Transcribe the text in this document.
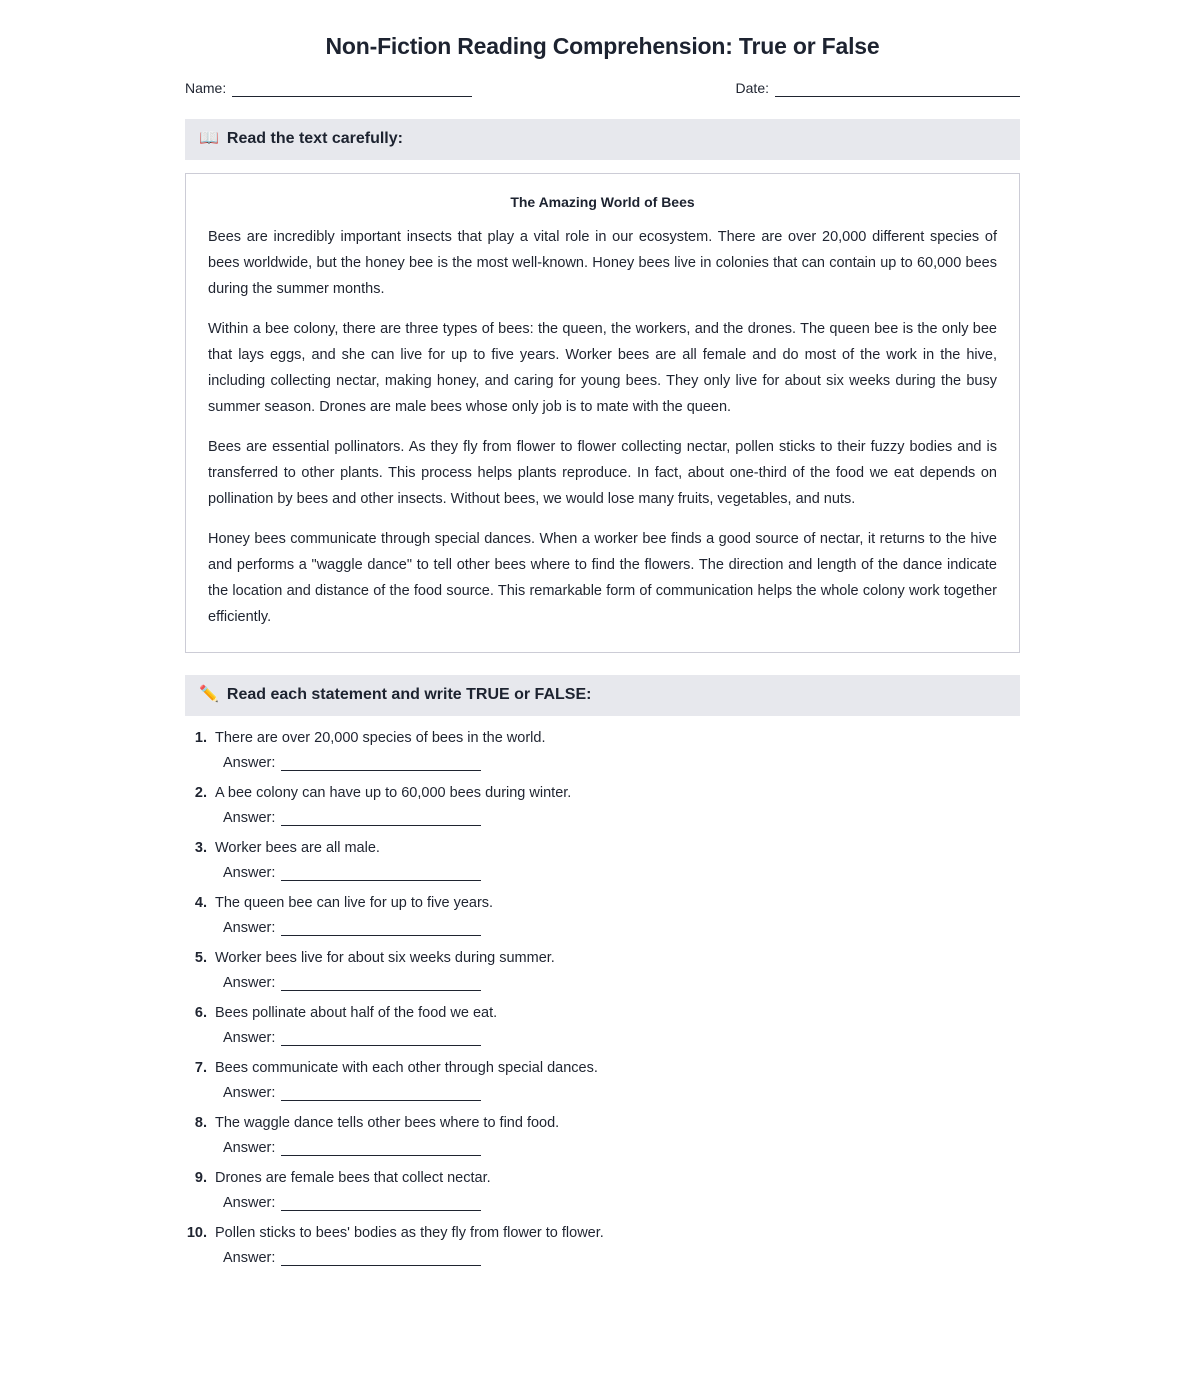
Non-Fiction Reading Comprehension: True or False
Name:	Date:
📖 Read the text carefully:
The Amazing World of Bees

Bees are incredibly important insects that play a vital role in our ecosystem. There are over 20,000 different species of bees worldwide, but the honey bee is the most well-known. Honey bees live in colonies that can contain up to 60,000 bees during the summer months.

Within a bee colony, there are three types of bees: the queen, the workers, and the drones. The queen bee is the only bee that lays eggs, and she can live for up to five years. Worker bees are all female and do most of the work in the hive, including collecting nectar, making honey, and caring for young bees. They only live for about six weeks during the busy summer season. Drones are male bees whose only job is to mate with the queen.

Bees are essential pollinators. As they fly from flower to flower collecting nectar, pollen sticks to their fuzzy bodies and is transferred to other plants. This process helps plants reproduce. In fact, about one-third of the food we eat depends on pollination by bees and other insects. Without bees, we would lose many fruits, vegetables, and nuts.

Honey bees communicate through special dances. When a worker bee finds a good source of nectar, it returns to the hive and performs a "waggle dance" to tell other bees where to find the flowers. The direction and length of the dance indicate the location and distance of the food source. This remarkable form of communication helps the whole colony work together efficiently.

✏️ Read each statement and write TRUE or FALSE:
1. There are over 20,000 species of bees in the world.
Answer:
2. A bee colony can have up to 60,000 bees during winter.
Answer:
3. Worker bees are all male.
Answer:
4. The queen bee can live for up to five years.
Answer:
5. Worker bees live for about six weeks during summer.
Answer:
6. Bees pollinate about half of the food we eat.
Answer:
7. Bees communicate with each other through special dances.
Answer:
8. The waggle dance tells other bees where to find food.
Answer:
9. Drones are female bees that collect nectar.
Answer:
10. Pollen sticks to bees' bodies as they fly from flower to flower.
Answer:
